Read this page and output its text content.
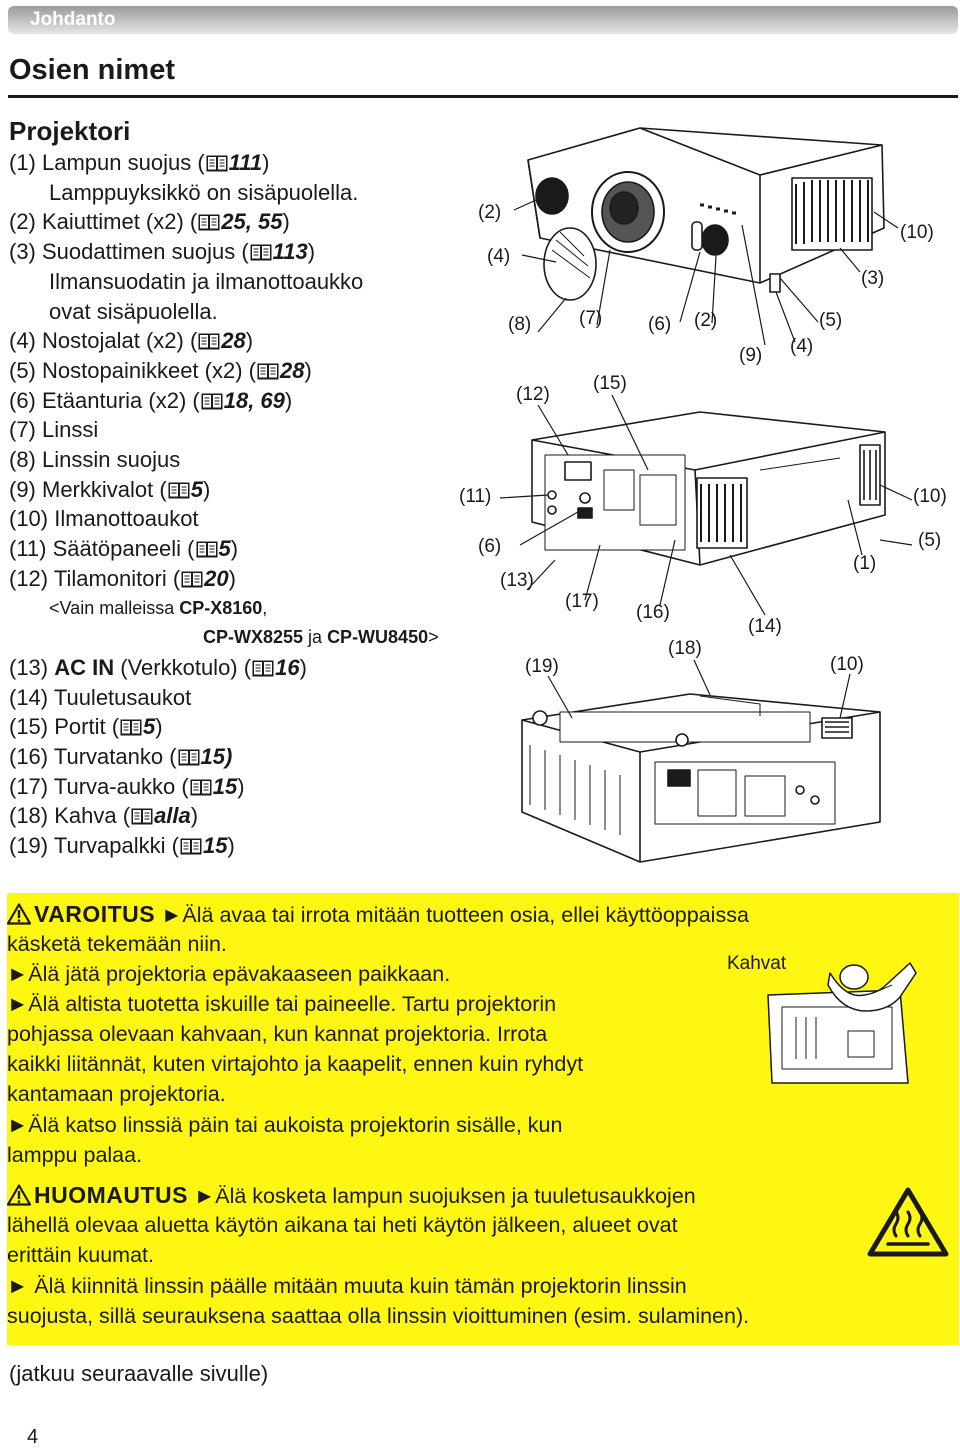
Johdanto
Osien nimet
Projektori
(1) Lampun suojus ( 111)
Lamppuyksikkö on sisäpuolella.
(2) Kaiuttimet (x2) ( 25, 55)
(3) Suodattimen suojus ( 113)
Ilmansuodatin ja ilmanottoaukko
ovat sisäpuolella.
(4) Nostojalat (x2) ( 28)
(5) Nostopainikkeet (x2) ( 28)
(6) Etäanturia (x2) ( 18, 69)
(7) Linssi
(8) Linssin suojus
(9) Merkkivalot ( 5)
(10) Ilmanottoaukot
(11) Säätöpaneeli ( 5)
(12) Tilamonitori ( 20)
<Vain malleissa CP-X8160,
CP-WX8255 ja CP-WU8450>
(13) AC IN (Verkkotulo) ( 16)
(14) Tuuletusaukot
(15) Portit ( 5)
(16) Turvatanko ( 15)
(17) Turva-aukko ( 15)
(18) Kahva ( alla)
(19) Turvapalkki ( 15)
(2)
(4)
(10)
(3)
(8)	(7) (6) (2)	(5)
(9) (4)
(12)
(15)
(11)	(10)
(6)	(5)
(1)
(13)
(17)
(16)
(14)
(18)
(19)	(10)
VAROITUS ►Älä avaa tai irrota mitään tuotteen osia, ellei käyttöoppaissa
käsketä tekemään niin.
►Älä jätä projektoria epävakaaseen paikkaan.
►Älä altista tuotetta iskuille tai paineelle. Tartu projektorin
pohjassa olevaan kahvaan, kun kannat projektoria. Irrota
kaikki liitännät, kuten virtajohto ja kaapelit, ennen kuin ryhdyt
kantamaan projektoria.
►Älä katso linssiä päin tai aukoista projektorin sisälle, kun
lamppu palaa.
Kahvat
HUOMAUTUS ►Älä kosketa lampun suojuksen ja tuuletusaukkojen
lähellä olevaa aluetta käytön aikana tai heti käytön jälkeen, alueet ovat
erittäin kuumat.
► Älä kiinnitä linssin päälle mitään muuta kuin tämän projektorin linssin
suojusta, sillä seurauksena saattaa olla linssin vioittuminen (esim. sulaminen).
(jatkuu seuraavalle sivulle)
4
